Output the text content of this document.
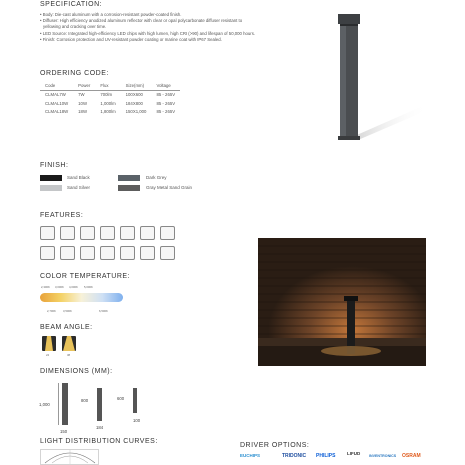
SPECIFICATION:
• Body: Die-cast aluminum with a corrosion-resistant powder-coated finish.
• Diffuser: High efficiency anodized aluminum reflector with clear or opal polycarbonate diffuser resistant to
yellowing and cracking over time.
• LED Source: Integrated high-efficiency LED chips with high lumen, high CRI (>90) and lifespan of 50,000 hours.
• Finish: Corrosion protection and UV-resistant powder coating or marine coat with IP67 Sealed.
ORDERING CODE:
Code	Power	Flux	Size(mm)	Voltage
CLMAL7W	7W	700lm	100X600	85 - 265V
CLMAL10W	10W	1,000lm	184X800	85 - 265V
CLMAL18W	18W	1,800lm	150X1,000	85 - 265V
FINISH:
Sand Black	Dark Grey
Sand Silver	Gray Metal Sand Grain
FEATURES:
COLOR TEMPERATURE:
2,300K 3,000K 4,000K 5,000K
2,700K	3,500K	6,500K
BEAM ANGLE:
24	38
DIMENSIONS (MM):
1,000
150
800
184
600
100
LIGHT DISTRIBUTION CURVES:
DRIVER OPTIONS:
EUCHIPS	TRIDONIC PHILIPS	LIFUD INVENTRONICS OSRAM
